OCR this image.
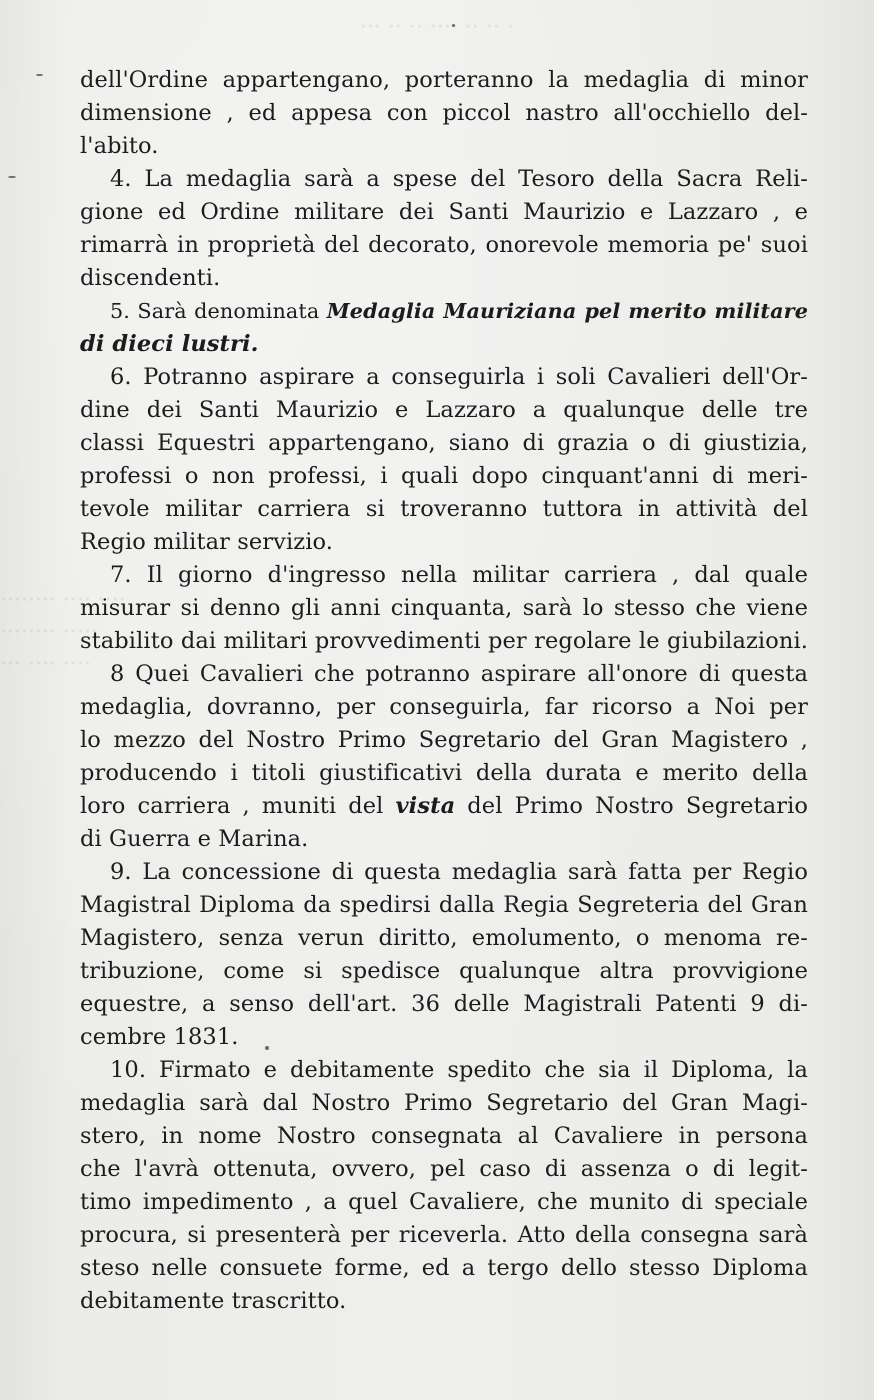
··· ·· ·· ···· ·· ·· ·

········ ···· ····
········ ·····
··· ···· ····

dell'Ordine appartengano, porteranno la medaglia di minor
dimensione , ed appesa con piccol nastro all'occhiello del-
l'abito.
4. La medaglia sarà a spese del Tesoro della Sacra Reli-
gione ed Ordine militare dei Santi Maurizio e Lazzaro , e
rimarrà in proprietà del decorato, onorevole memoria pe' suoi
discendenti.
5. Sarà denominata Medaglia Mauriziana pel merito militare
di dieci lustri.
6. Potranno aspirare a conseguirla i soli Cavalieri dell'Or-
dine dei Santi Maurizio e Lazzaro a qualunque delle tre
classi Equestri appartengano, siano di grazia o di giustizia,
professi o non professi, i quali dopo cinquant'anni di meri-
tevole militar carriera si troveranno tuttora in attività del
Regio militar servizio.
7. Il giorno d'ingresso nella militar carriera , dal quale
misurar si denno gli anni cinquanta, sarà lo stesso che viene
stabilito dai militari provvedimenti per regolare le giubilazioni.
8 Quei Cavalieri che potranno aspirare all'onore di questa
medaglia, dovranno, per conseguirla, far ricorso a Noi per
lo mezzo del Nostro Primo Segretario del Gran Magistero ,
producendo i titoli giustificativi della durata e merito della
loro carriera , muniti del vista del Primo Nostro Segretario
di Guerra e Marina.
9. La concessione di questa medaglia sarà fatta per Regio
Magistral Diploma da spedirsi dalla Regia Segreteria del Gran
Magistero, senza verun diritto, emolumento, o menoma re-
tribuzione, come si spedisce qualunque altra provvigione
equestre, a senso dell'art. 36 delle Magistrali Patenti 9 di-
cembre 1831.
10. Firmato e debitamente spedito che sia il Diploma, la
medaglia sarà dal Nostro Primo Segretario del Gran Magi-
stero, in nome Nostro consegnata al Cavaliere in persona
che l'avrà ottenuta, ovvero, pel caso di assenza o di legit-
timo impedimento , a quel Cavaliere, che munito di speciale
procura, si presenterà per riceverla. Atto della consegna sarà
steso nelle consuete forme, ed a tergo dello stesso Diploma
debitamente trascritto.
